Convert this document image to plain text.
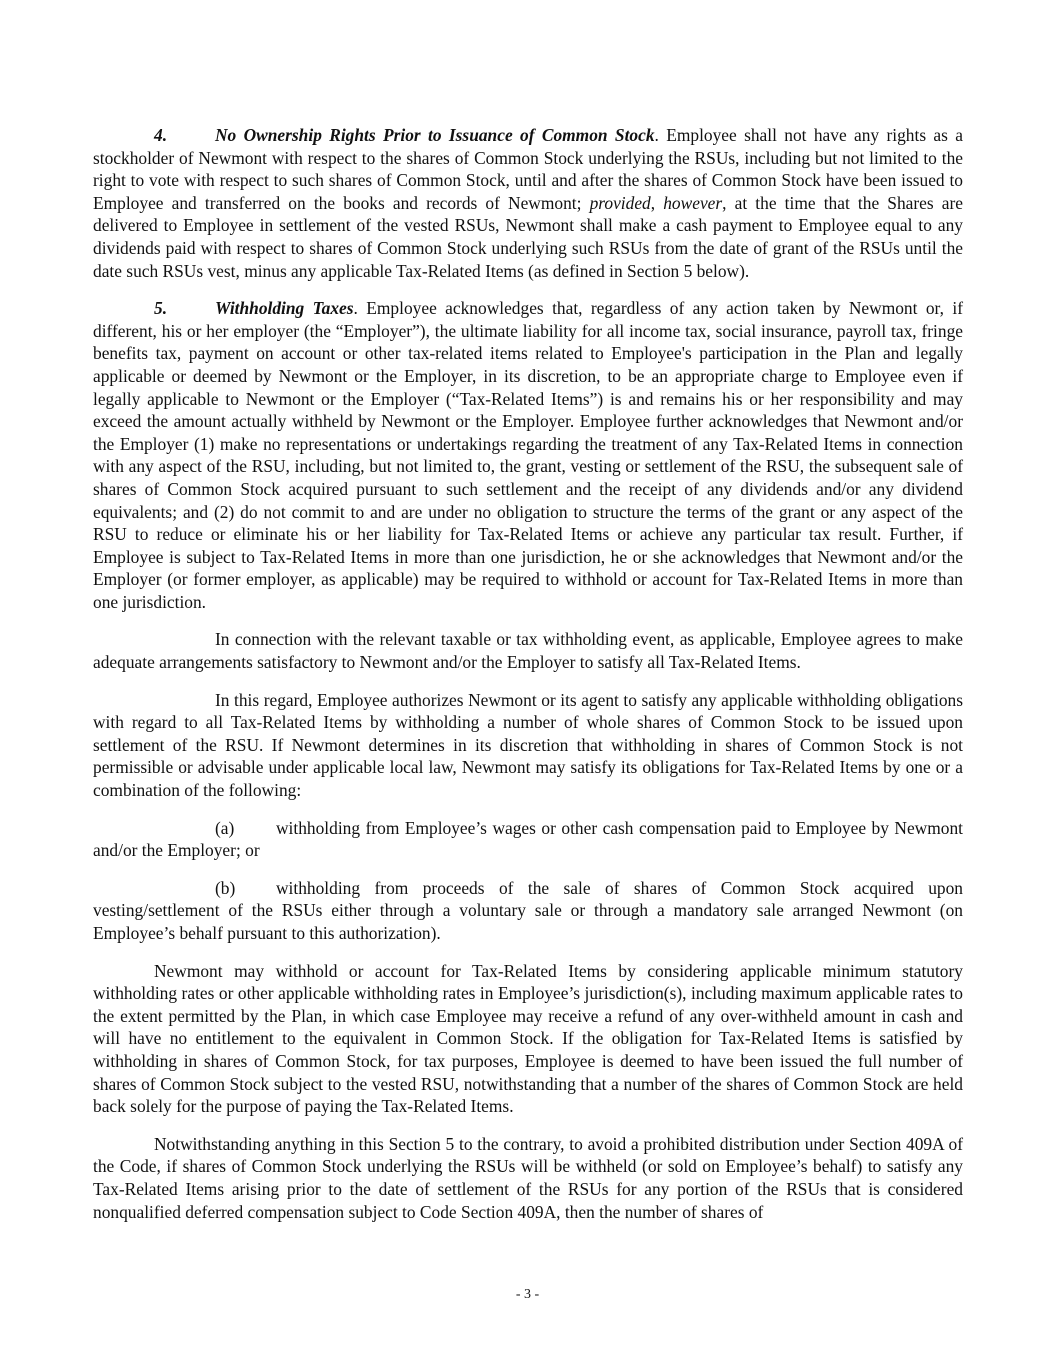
4.	No Ownership Rights Prior to Issuance of Common Stock. Employee shall not have any rights as a stockholder of Newmont with respect to the shares of Common Stock underlying the RSUs, including but not limited to the right to vote with respect to such shares of Common Stock, until and after the shares of Common Stock have been issued to Employee and transferred on the books and records of Newmont; provided, however, at the time that the Shares are delivered to Employee in settlement of the vested RSUs, Newmont shall make a cash payment to Employee equal to any dividends paid with respect to shares of Common Stock underlying such RSUs from the date of grant of the RSUs until the date such RSUs vest, minus any applicable Tax-Related Items (as defined in Section 5 below).

5.	Withholding Taxes. Employee acknowledges that, regardless of any action taken by Newmont or, if different, his or her employer (the “Employer”), the ultimate liability for all income tax, social insurance, payroll tax, fringe benefits tax, payment on account or other tax-related items related to Employee's participation in the Plan and legally applicable or deemed by Newmont or the Employer, in its discretion, to be an appropriate charge to Employee even if legally applicable to Newmont or the Employer (“Tax-Related Items”) is and remains his or her responsibility and may exceed the amount actually withheld by Newmont or the Employer. Employee further acknowledges that Newmont and/or the Employer (1) make no representations or undertakings regarding the treatment of any Tax-Related Items in connection with any aspect of the RSU, including, but not limited to, the grant, vesting or settlement of the RSU, the subsequent sale of shares of Common Stock acquired pursuant to such settlement and the receipt of any dividends and/or any dividend equivalents; and (2) do not commit to and are under no obligation to structure the terms of the grant or any aspect of the RSU to reduce or eliminate his or her liability for Tax-Related Items or achieve any particular tax result. Further, if Employee is subject to Tax-Related Items in more than one jurisdiction, he or she acknowledges that Newmont and/or the Employer (or former employer, as applicable) may be required to withhold or account for Tax-Related Items in more than one jurisdiction.

In connection with the relevant taxable or tax withholding event, as applicable, Employee agrees to make adequate arrangements satisfactory to Newmont and/or the Employer to satisfy all Tax-Related Items.

In this regard, Employee authorizes Newmont or its agent to satisfy any applicable withholding obligations with regard to all Tax-Related Items by withholding a number of whole shares of Common Stock to be issued upon settlement of the RSU. If Newmont determines in its discretion that withholding in shares of Common Stock is not permissible or advisable under applicable local law, Newmont may satisfy its obligations for Tax-Related Items by one or a combination of the following:

(a) withholding from Employee’s wages or other cash compensation paid to Employee by Newmont and/or the Employer; or

(b) withholding from proceeds of the sale of shares of Common Stock acquired upon vesting/settlement of the RSUs either through a voluntary sale or through a mandatory sale arranged Newmont (on Employee’s behalf pursuant to this authorization).

Newmont may withhold or account for Tax-Related Items by considering applicable minimum statutory withholding rates or other applicable withholding rates in Employee’s jurisdiction(s), including maximum applicable rates to the extent permitted by the Plan, in which case Employee may receive a refund of any over-withheld amount in cash and will have no entitlement to the equivalent in Common Stock. If the obligation for Tax-Related Items is satisfied by withholding in shares of Common Stock, for tax purposes, Employee is deemed to have been issued the full number of shares of Common Stock subject to the vested RSU, notwithstanding that a number of the shares of Common Stock are held back solely for the purpose of paying the Tax-Related Items.

Notwithstanding anything in this Section 5 to the contrary, to avoid a prohibited distribution under Section 409A of the Code, if shares of Common Stock underlying the RSUs will be withheld (or sold on Employee’s behalf) to satisfy any Tax-Related Items arising prior to the date of settlement of the RSUs for any portion of the RSUs that is considered nonqualified deferred compensation subject to Code Section 409A, then the number of shares of

- 3 -
